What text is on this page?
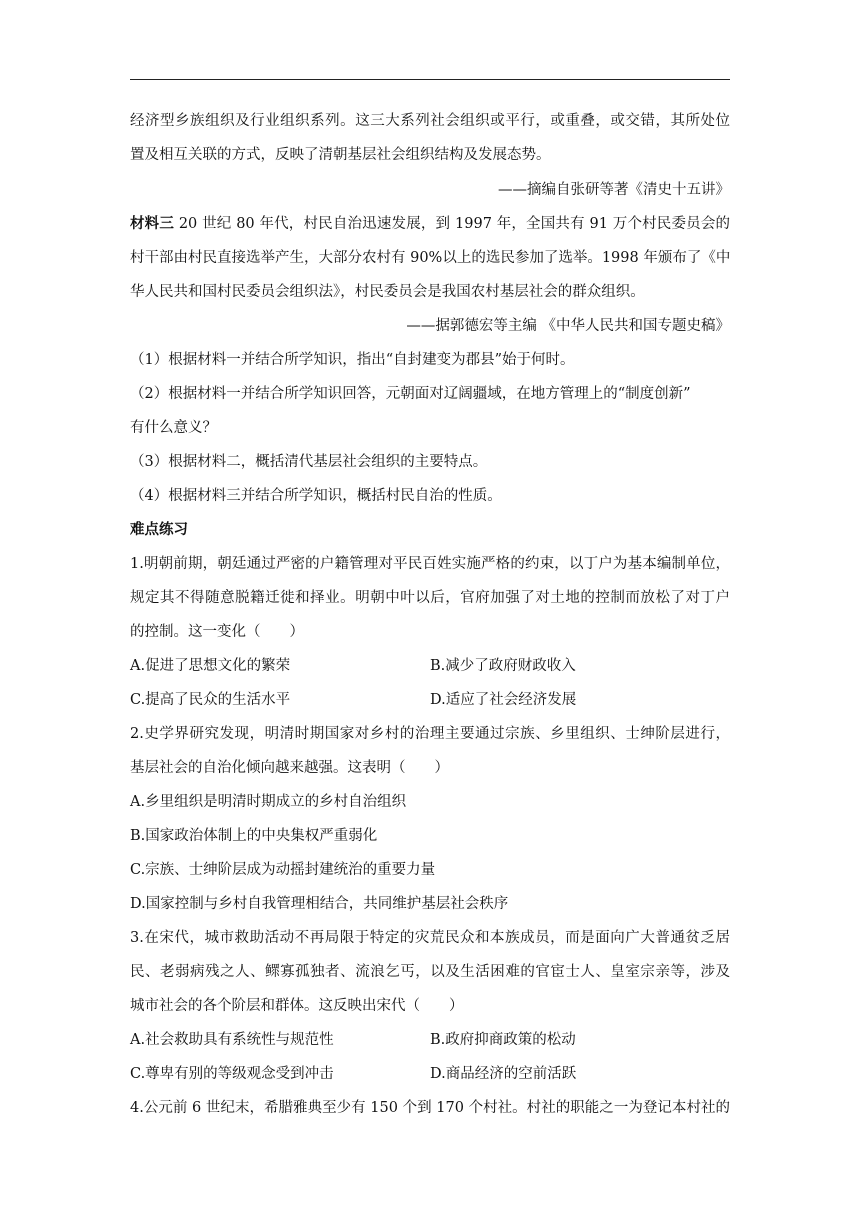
经济型乡族组织及行业组织系列。这三大系列社会组织或平行，或重叠，或交错，其所处位
置及相互关联的方式，反映了清朝基层社会组织结构及发展态势。
——摘编自张研等著《清史十五讲》
材料三 20 世纪 80 年代，村民自治迅速发展，到 1997 年，全国共有 91 万个村民委员会的
村干部由村民直接选举产生，大部分农村有 90%以上的选民参加了选举。1998 年颁布了《中
华人民共和国村民委员会组织法》，村民委员会是我国农村基层社会的群众组织。
——据郭德宏等主编 《中华人民共和国专题史稿》
（1）根据材料一并结合所学知识，指出“自封建变为郡县”始于何时。
（2）根据材料一并结合所学知识回答，元朝面对辽阔疆域，在地方管理上的“制度创新”
有什么意义？
（3）根据材料二，概括清代基层社会组织的主要特点。
（4）根据材料三并结合所学知识，概括村民自治的性质。
难点练习
1.明朝前期，朝廷通过严密的户籍管理对平民百姓实施严格的约束，以丁户为基本编制单位，
规定其不得随意脱籍迁徙和择业。明朝中叶以后，官府加强了对土地的控制而放松了对丁户
的控制。这一变化（　　）
A.促进了思想文化的繁荣	B.减少了政府财政收入
C.提高了民众的生活水平	D.适应了社会经济发展
2.史学界研究发现，明清时期国家对乡村的治理主要通过宗族、乡里组织、士绅阶层进行，
基层社会的自治化倾向越来越强。这表明（　　）
A.乡里组织是明清时期成立的乡村自治组织
B.国家政治体制上的中央集权严重弱化
C.宗族、士绅阶层成为动摇封建统治的重要力量
D.国家控制与乡村自我管理相结合，共同维护基层社会秩序
3.在宋代，城市救助活动不再局限于特定的灾荒民众和本族成员，而是面向广大普通贫乏居
民、老弱病残之人、鳏寡孤独者、流浪乞丐，以及生活困难的官宦士人、皇室宗亲等，涉及
城市社会的各个阶层和群体。这反映出宋代（　　）
A.社会救助具有系统性与规范性	B.政府抑商政策的松动
C.尊卑有别的等级观念受到冲击	D.商品经济的空前活跃
4.公元前 6 世纪末，希腊雅典至少有 150 个到 170 个村社。村社的职能之一为登记本村社的
